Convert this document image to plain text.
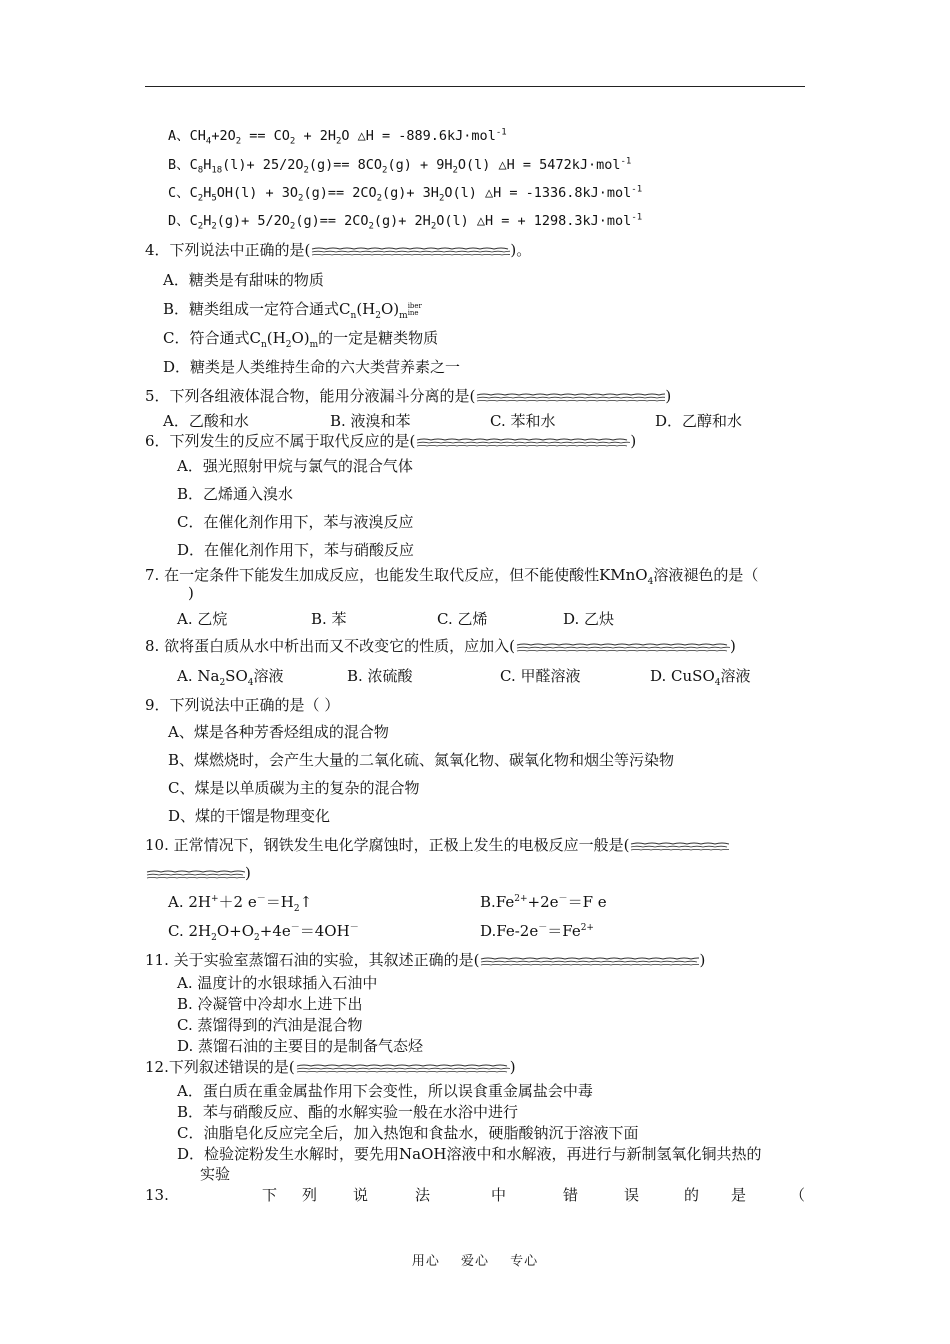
A、$CH_4+2O_2 == CO_2 + 2H_2O$ △H = -889.6kJ·mol$^{-1}$
B、$C_8H_{18}(l)+ 25/2O_2(g)== 8CO_2(g) + 9H_2O(l)$ △H = 5472kJ·mol$^{-1}$
C、$C_2H_5OH(l) + 3O_2(g)== 2CO_2(g)+ 3H_2O(l)$ △H = -1336.8kJ·mol$^{-1}$
D、$C_2H_2(g)+ 5/2O_2(g)== 2CO_2(g)+ 2H_2O(l)$ △H = + 1298.3kJ·mol$^{-1}$
4．下列说法中正确的是(	)。
A．糖类是有甜味的物质
B．糖类组成一定符合通式$C_n(H_2O)_miber$
ine
C．符合通式$C_n(H_2O)_m$的一定是糖类物质
D．糖类是人类维持生命的六大类营养素之一
5．下列各组液体混合物，能用分液漏斗分离的是(	)
A．乙酸和水	B. 液溴和苯	C. 苯和水	D．乙醇和水
6．下列发生的反应不属于取代反应的是(	)
A．强光照射甲烷与氯气的混合气体
B．乙烯通入溴水
C．在催化剂作用下，苯与液溴反应
D．在催化剂作用下，苯与硝酸反应
7. 在一定条件下能发生加成反应，也能发生取代反应，但不能使酸性KMnO$_4$溶液褪色的是（
)
A. 乙烷	B. 苯	C. 乙烯	D. 乙炔
8. 欲将蛋白质从水中析出而又不改变它的性质，应加入(	)
A. $Na_2SO_4$溶液	B. 浓硫酸	C. 甲醛溶液	D. CuSO$_4$溶液
9．下列说法中正确的是（ ）
A、煤是各种芳香烃组成的混合物
B、煤燃烧时，会产生大量的二氧化硫、氮氧化物、碳氧化物和烟尘等污染物
C、煤是以单质碳为主的复杂的混合物
D、煤的干馏是物理变化
10. 正常情况下，钢铁发生电化学腐蚀时，正极上发生的电极反应一般是(
)
A. 2H+＋2 $e^-=H_2↑$	$B.Fe^{2+}+2e^-=F$ e
C. $2H_2O+O_2+4e^-=4OH^-$	$D.Fe-2e^-=Fe^{2+}$
11. 关于实验室蒸馏石油的实验，其叙述正确的是(	)
A. 温度计的水银球插入石油中
B. 冷凝管中冷却水上进下出
C. 蒸馏得到的汽油是混合物
D. 蒸馏石油的主要目的是制备气态烃
12.下列叙述错误的是(	)
A．蛋白质在重金属盐作用下会变性，所以误食重金属盐会中毒
B．苯与硝酸反应、酯的水解实验一般在水浴中进行
C．油脂皂化反应完全后，加入热饱和食盐水，硬脂酸钠沉于溶液下面
D．检验淀粉发生水解时，要先用NaOH溶液中和水解液，再进行与新制氢氧化铜共热的
实验
13.	下 列 说	法	中	错	误	的 是	（
用心 爱心 专心
